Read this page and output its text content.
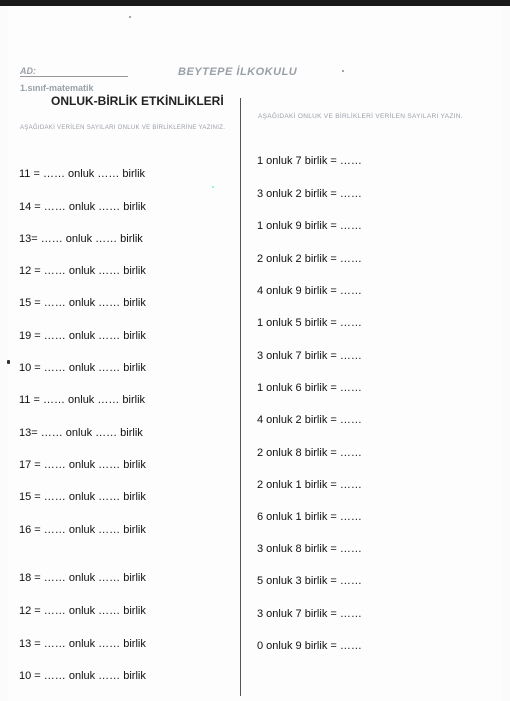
AD:
1.sınıf-matematik
BEYTEPE İLKOKULU
ONLUK-BİRLİK ETKİNLİKLERİ
AŞAĞIDAKİ VERİLEN SAYILARI ONLUK VE BİRLİKLERİNE YAZINIZ.
AŞAĞIDAKİ ONLUK VE BİRLİKLERİ VERİLEN SAYILARI YAZIN.
11 = …… onluk …… birlik
14 = …… onluk …… birlik
13= …… onluk …… birlik
12 = …… onluk …… birlik
15 = …… onluk …… birlik
19 = …… onluk …… birlik
10 = …… onluk …… birlik
11 = …… onluk …… birlik
13= …… onluk …… birlik
17 = …… onluk …… birlik
15 = …… onluk …… birlik
16 = …… onluk …… birlik
18 = …… onluk …… birlik
12 = …… onluk …… birlik
13 = …… onluk …… birlik
10 = …… onluk …… birlik
1 onluk 7 birlik = ……
3 onluk 2 birlik = ……
1 onluk 9 birlik = ……
2 onluk 2 birlik = ……
4 onluk 9 birlik = ……
1 onluk 5 birlik = ……
3 onluk 7 birlik = ……
1 onluk 6 birlik = ……
4 onluk 2 birlik = ……
2 onluk 8 birlik = ……
2 onluk 1 birlik = ……
6 onluk 1 birlik = ……
3 onluk 8 birlik = ……
5 onluk 3 birlik = ……
3 onluk 7 birlik = ……
0 onluk 9 birlik = ……
